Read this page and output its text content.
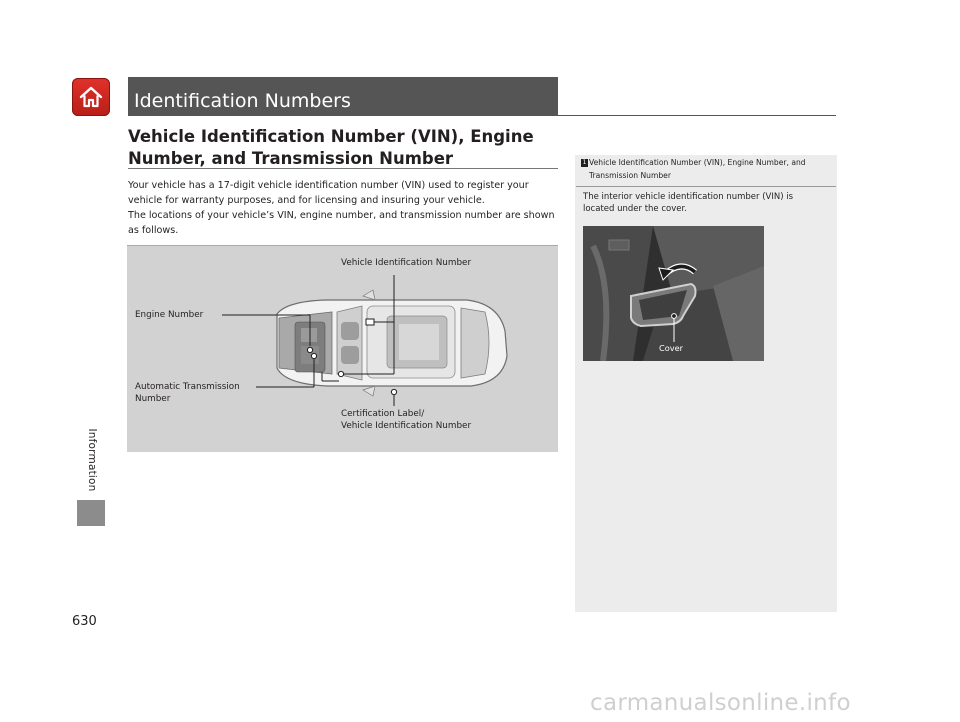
Information
630
Identification Numbers
Vehicle Identification Number (VIN), Engine Number, and Transmission Number
Your vehicle has a 17-digit vehicle identification number (VIN) used to register your vehicle for warranty purposes, and for licensing and insuring your vehicle.
The locations of your vehicle’s VIN, engine number, and transmission number are shown as follows.
Vehicle Identification Number
Engine Number
Automatic Transmission
Number
Certification Label/
Vehicle Identification Number
1 Vehicle Identification Number (VIN), Engine Number, and
Transmission Number
The interior vehicle identification number (VIN) is located under the cover.
Cover
carmanualsonline.info
